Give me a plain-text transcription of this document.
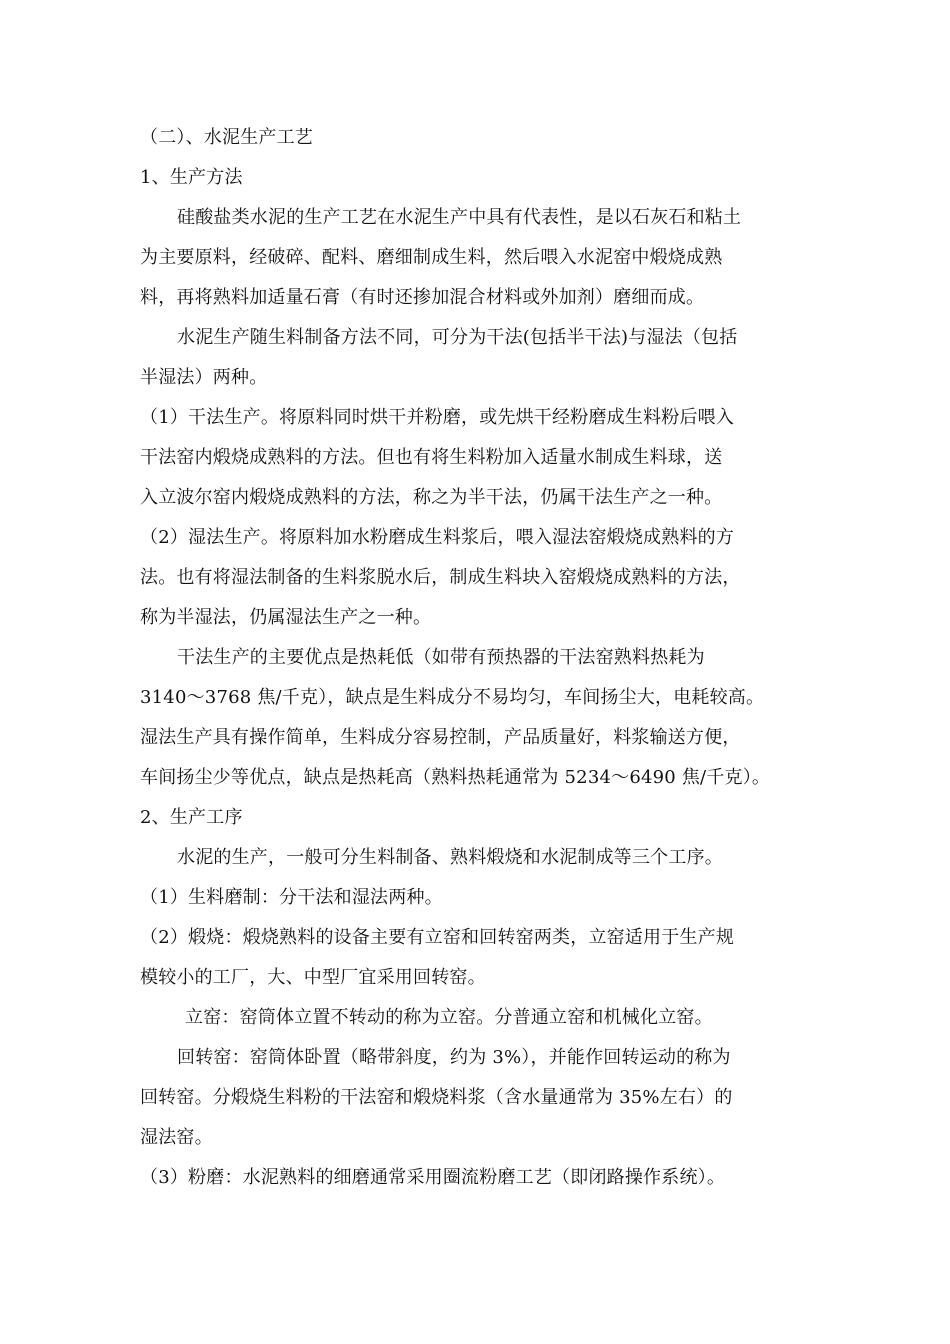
（二）、水泥生产工艺
1、生产方法
硅酸盐类水泥的生产工艺在水泥生产中具有代表性，是以石灰石和粘土
为主要原料，经破碎、配料、磨细制成生料，然后喂入水泥窑中煅烧成熟
料，再将熟料加适量石膏（有时还掺加混合材料或外加剂）磨细而成。
水泥生产随生料制备方法不同，可分为干法(包括半干法)与湿法（包括
半湿法）两种。
（1）干法生产。将原料同时烘干并粉磨，或先烘干经粉磨成生料粉后喂入
干法窑内煅烧成熟料的方法。但也有将生料粉加入适量水制成生料球，送
入立波尔窑内煅烧成熟料的方法，称之为半干法，仍属干法生产之一种。
（2）湿法生产。将原料加水粉磨成生料浆后，喂入湿法窑煅烧成熟料的方
法。也有将湿法制备的生料浆脱水后，制成生料块入窑煅烧成熟料的方法，
称为半湿法，仍属湿法生产之一种。
干法生产的主要优点是热耗低（如带有预热器的干法窑熟料热耗为
3140～3768 焦/千克），缺点是生料成分不易均匀，车间扬尘大，电耗较高。
湿法生产具有操作简单，生料成分容易控制，产品质量好，料浆输送方便，
车间扬尘少等优点，缺点是热耗高（熟料热耗通常为 5234～6490 焦/千克）。
2、生产工序
水泥的生产，一般可分生料制备、熟料煅烧和水泥制成等三个工序。
（1）生料磨制：分干法和湿法两种。
（2）煅烧：煅烧熟料的设备主要有立窑和回转窑两类，立窑适用于生产规
模较小的工厂，大、中型厂宜采用回转窑。
立窑：窑筒体立置不转动的称为立窑。分普通立窑和机械化立窑。
回转窑：窑筒体卧置（略带斜度，约为 3%），并能作回转运动的称为
回转窑。分煅烧生料粉的干法窑和煅烧料浆（含水量通常为 35%左右）的
湿法窑。
（3）粉磨：水泥熟料的细磨通常采用圈流粉磨工艺（即闭路操作系统）。
